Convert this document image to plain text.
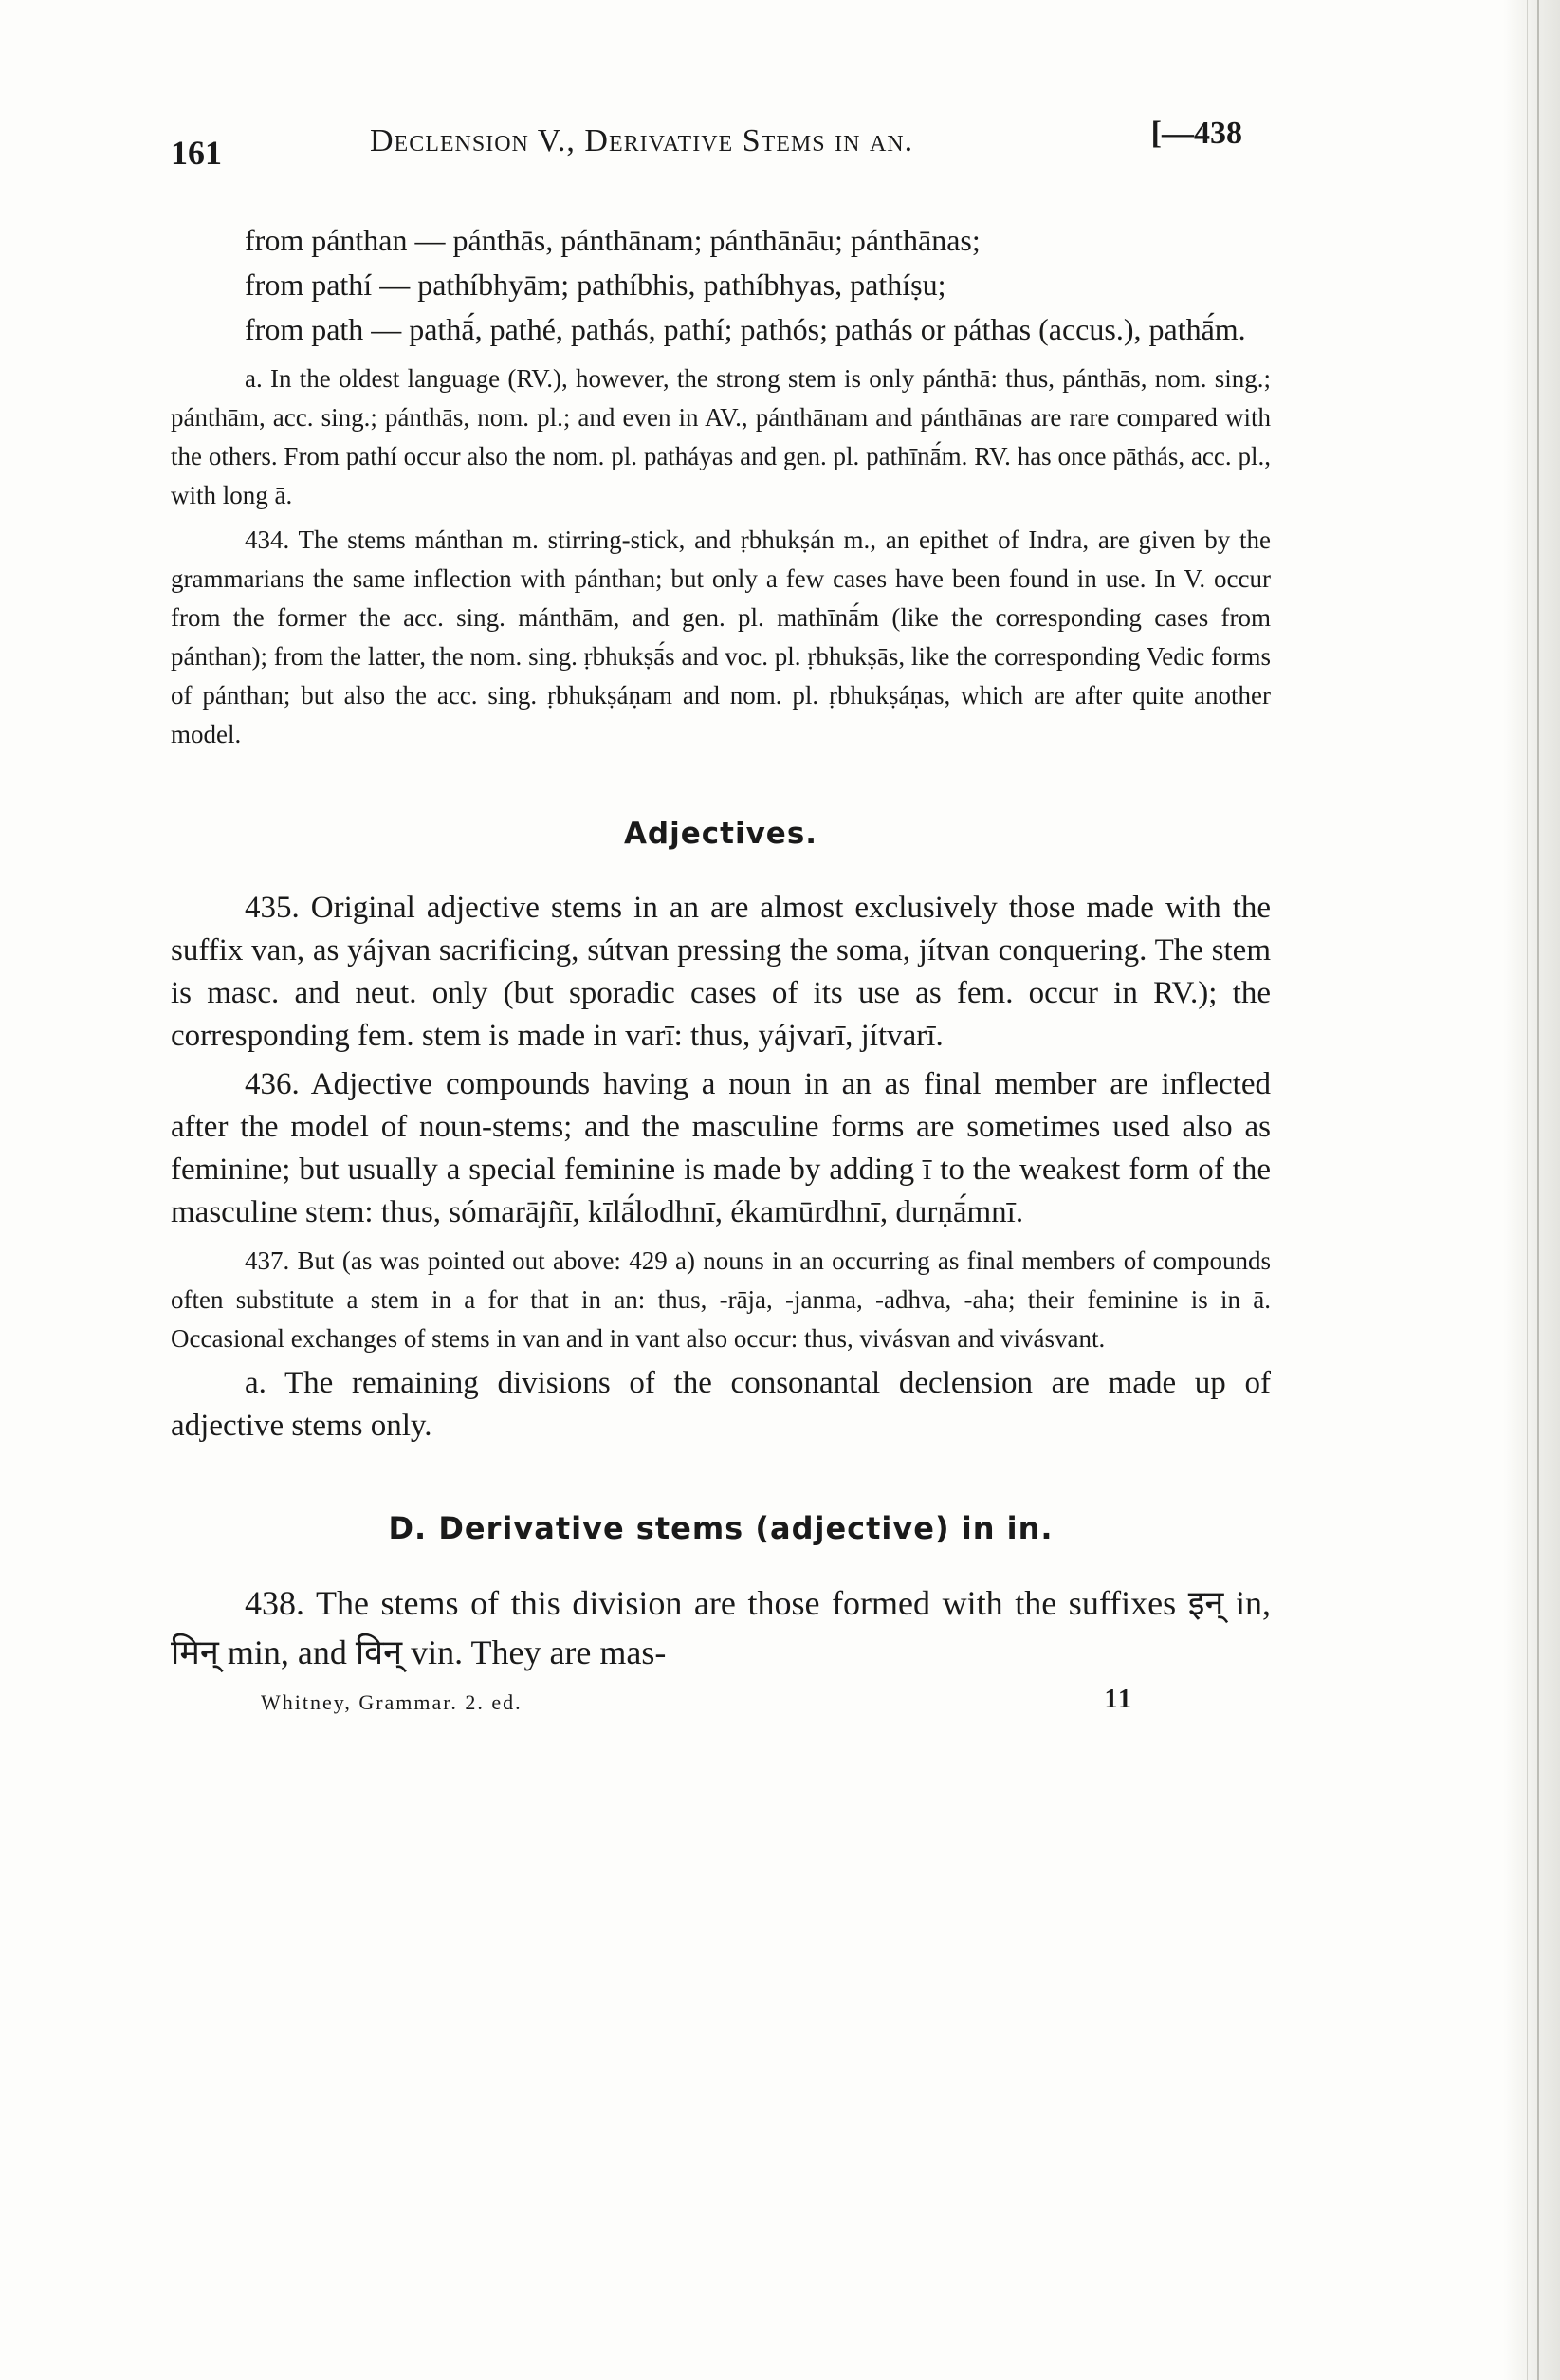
161	Declension V., Derivative Stems in an.	[—438

from pánthan — pánthās, pánthānam; pánthānāu; pánthānas;

from pathí — pathíbhyām; pathíbhis, pathíbhyas, pathíṣu;

from path — pathā́, pathé, pathás, pathí; pathós; pathás or páthas (accus.), pathā́m.

a. In the oldest language (RV.), however, the strong stem is only pánthā: thus, pánthās, nom. sing.; pánthām, acc. sing.; pánthās, nom. pl.; and even in AV., pánthānam and pánthānas are rare compared with the others. From pathí occur also the nom. pl. patháyas and gen. pl. pathīnā́m. RV. has once pāthás, acc. pl., with long ā.

434. The stems mánthan m. stirring-stick, and ṛbhukṣán m., an epithet of Indra, are given by the grammarians the same inflection with pánthan; but only a few cases have been found in use. In V. occur from the former the acc. sing. mánthām, and gen. pl. mathīnā́m (like the corresponding cases from pánthan); from the latter, the nom. sing. ṛbhukṣā́s and voc. pl. ṛbhukṣās, like the corresponding Vedic forms of pánthan; but also the acc. sing. ṛbhukṣáṇam and nom. pl. ṛbhukṣáṇas, which are after quite another model.

Adjectives.

435. Original adjective stems in an are almost exclusively those made with the suffix van, as yájvan sacrificing, sútvan pressing the soma, jítvan conquering. The stem is masc. and neut. only (but sporadic cases of its use as fem. occur in RV.); the corresponding fem. stem is made in varī: thus, yájvarī, jítvarī.

436. Adjective compounds having a noun in an as final member are inflected after the model of noun-stems; and the masculine forms are sometimes used also as feminine; but usually a special feminine is made by adding ī to the weakest form of the masculine stem: thus, sómarājñī, kīlā́lodhnī, ékamūrdhnī, durṇā́mnī.

437. But (as was pointed out above: 429 a) nouns in an occurring as final members of compounds often substitute a stem in a for that in an: thus, -rāja, -janma, -adhva, -aha; their feminine is in ā. Occasional exchanges of stems in van and in vant also occur: thus, vivásvan and vivásvant.

a. The remaining divisions of the consonantal declension are made up of adjective stems only.

D. Derivative stems (adjective) in in.

438. The stems of this division are those formed with the suffixes इन् in, मिन् min, and विन् vin. They are mas-

Whitney, Grammar. 2. ed.	11
